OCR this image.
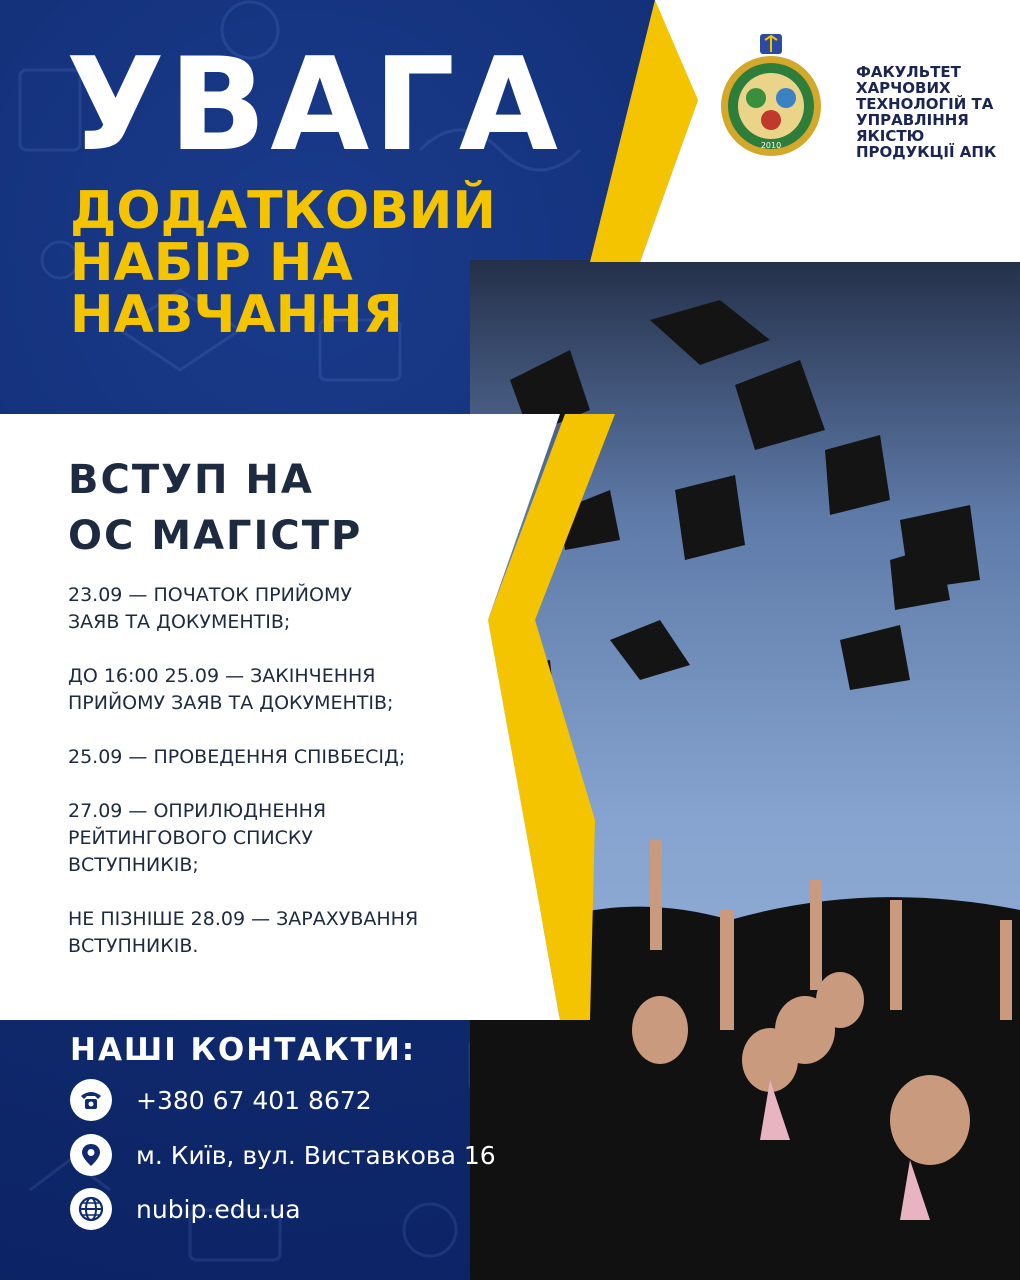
УВАГА
ДОДАТКОВИЙ
НАБІР НА
НАВЧАННЯ
2010
ФАКУЛЬТЕТ
ХАРЧОВИХ
ТЕХНОЛОГІЙ ТА
УПРАВЛІННЯ
ЯКІСТЮ
ПРОДУКЦІЇ АПК
ВСТУП НА
ОС МАГІСТР
23.09 — ПОЧАТОК ПРИЙОМУ
ЗАЯВ ТА ДОКУМЕНТІВ;
ДО 16:00 25.09 — ЗАКІНЧЕННЯ
ПРИЙОМУ ЗАЯВ ТА ДОКУМЕНТІВ;
25.09 — ПРОВЕДЕННЯ СПІВБЕСІД;
27.09 — ОПРИЛЮДНЕННЯ
РЕЙТИНГОВОГО СПИСКУ
ВСТУПНИКІВ;
НЕ ПІЗНІШЕ 28.09 — ЗАРАХУВАННЯ
ВСТУПНИКІВ.
НАШІ КОНТАКТИ:
+380 67 401 8672
м. Київ, вул. Виставкова 16
nubip.edu.ua
